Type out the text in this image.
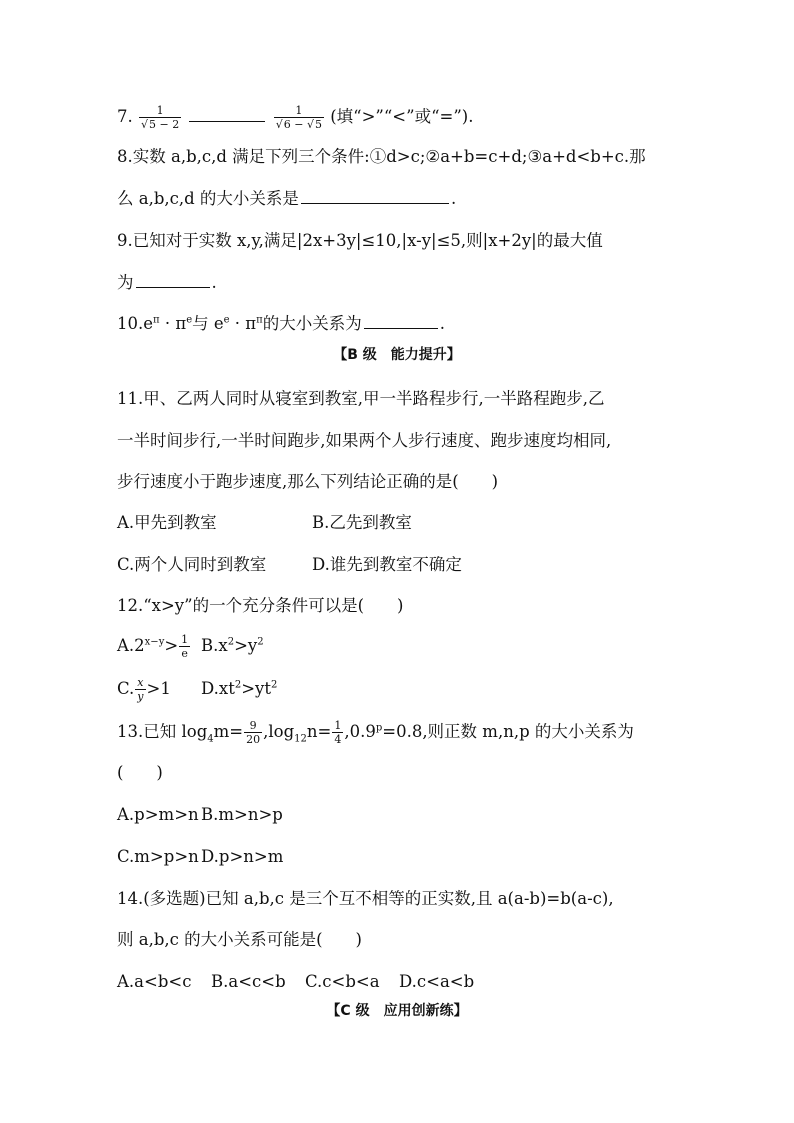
7. $\frac{1}{√5 - 2}$
	$\frac{1}{√6 - √5}$ (填“>”“<”或“=”).
8.实数 a,b,c,d 满足下列三个条件:①d>c;②a+b=c+d;③a+d<b+c.那
么 a,b,c,d 的大小关系是	.
9.已知对于实数 x,y,满足|2x+3y|≤10,|x-y|≤5,则|x+2y|的最大值
为	.
$10.e^\pi \cdot \pi^e$与 $e^e \cdot \pi^\pi$的大小关系为	.
【B 级　能力提升】
11.甲、乙两人同时从寝室到教室,甲一半路程步行,一半路程跑步,乙
一半时间步行,一半时间跑步,如果两个人步行速度、跑步速度均相同,
步行速度小于跑步速度,那么下列结论正确的是(　　)
A.甲先到教室	B.乙先到教室
C.两个人同时到教室	D.谁先到教室不确定
12.“x>y”的一个充分条件可以是(　　)
$A.2^{x-y}> \frac{1}{e} B.x^2>y^2$
C. $\frac{x}{y} >1$ $D.xt^2>yt^2$
13.已知 $\log_4m= \frac{9}{20} ,\log_{12}n= \frac{1}{4} ,0.9^p=0.8$,则正数 m,n,p 的大小关系为
(　　)
A.p>m>n B.m>n>p
C.m>p>n D.p>n>m
14.(多选题)已知 a,b,c 是三个互不相等的正实数,且 a(a-b)=b(a-c),
则 a,b,c 的大小关系可能是(　　)
A.a<b<c B.a<c<b C.c<b<a D.c<a<b
【C 级　应用创新练】
